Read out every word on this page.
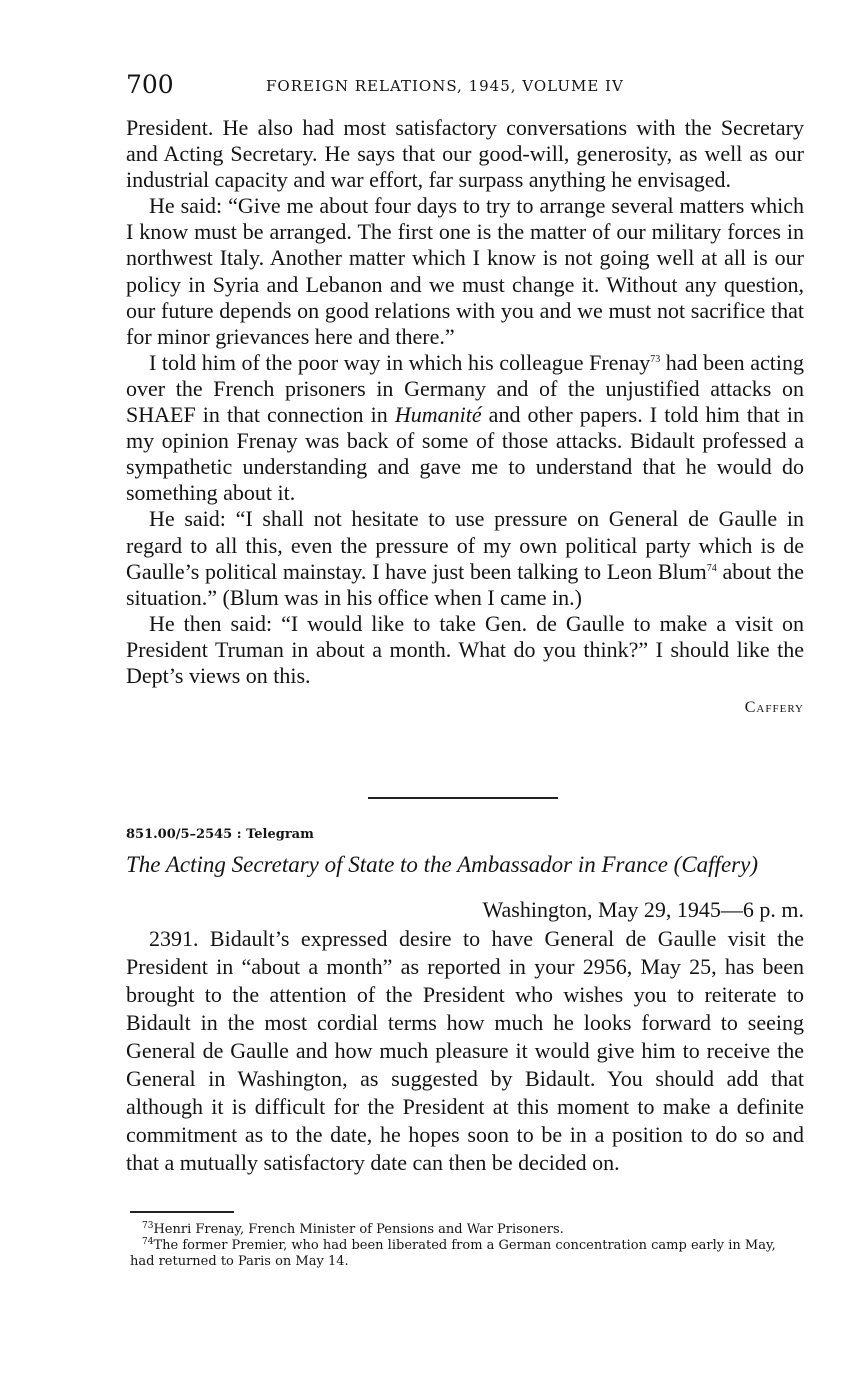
700	FOREIGN RELATIONS, 1945, VOLUME IV

President. He also had most satisfactory conversations with the Secretary and Acting Secretary. He says that our good-will, generosity, as well as our industrial capacity and war effort, far surpass anything he envisaged.

He said: “Give me about four days to try to arrange several matters which I know must be arranged. The first one is the matter of our military forces in northwest Italy. Another matter which I know is not going well at all is our policy in Syria and Lebanon and we must change it. Without any question, our future depends on good relations with you and we must not sacrifice that for minor grievances here and there.”

I told him of the poor way in which his colleague Frenay$^{73}$ had been acting over the French prisoners in Germany and of the unjustified attacks on SHAEF in that connection in Humanité and other papers. I told him that in my opinion Frenay was back of some of those attacks. Bidault professed a sympathetic understanding and gave me to understand that he would do something about it.

He said: “I shall not hesitate to use pressure on General de Gaulle in regard to all this, even the pressure of my own political party which is de Gaulle’s political mainstay. I have just been talking to Leon Blum$^{74}$ about the situation.” (Blum was in his office when I came in.)

He then said: “I would like to take Gen. de Gaulle to make a visit on President Truman in about a month. What do you think?” I should like the Dept’s views on this.

Caffery

851.00/5–2545 : Telegram
The Acting Secretary of State to the Ambassador in France (Caffery)
Washington, May 29, 1945—6 p. m.

2391. Bidault’s expressed desire to have General de Gaulle visit the President in “about a month” as reported in your 2956, May 25, has been brought to the attention of the President who wishes you to reiterate to Bidault in the most cordial terms how much he looks forward to seeing General de Gaulle and how much pleasure it would give him to receive the General in Washington, as suggested by Bidault. You should add that although it is difficult for the President at this moment to make a definite commitment as to the date, he hopes soon to be in a position to do so and that a mutually satisfactory date can then be decided on.

$^{73}$Henri Frenay, French Minister of Pensions and War Prisoners.

$^{74}$The former Premier, who had been liberated from a German concentration camp early in May, had returned to Paris on May 14.
